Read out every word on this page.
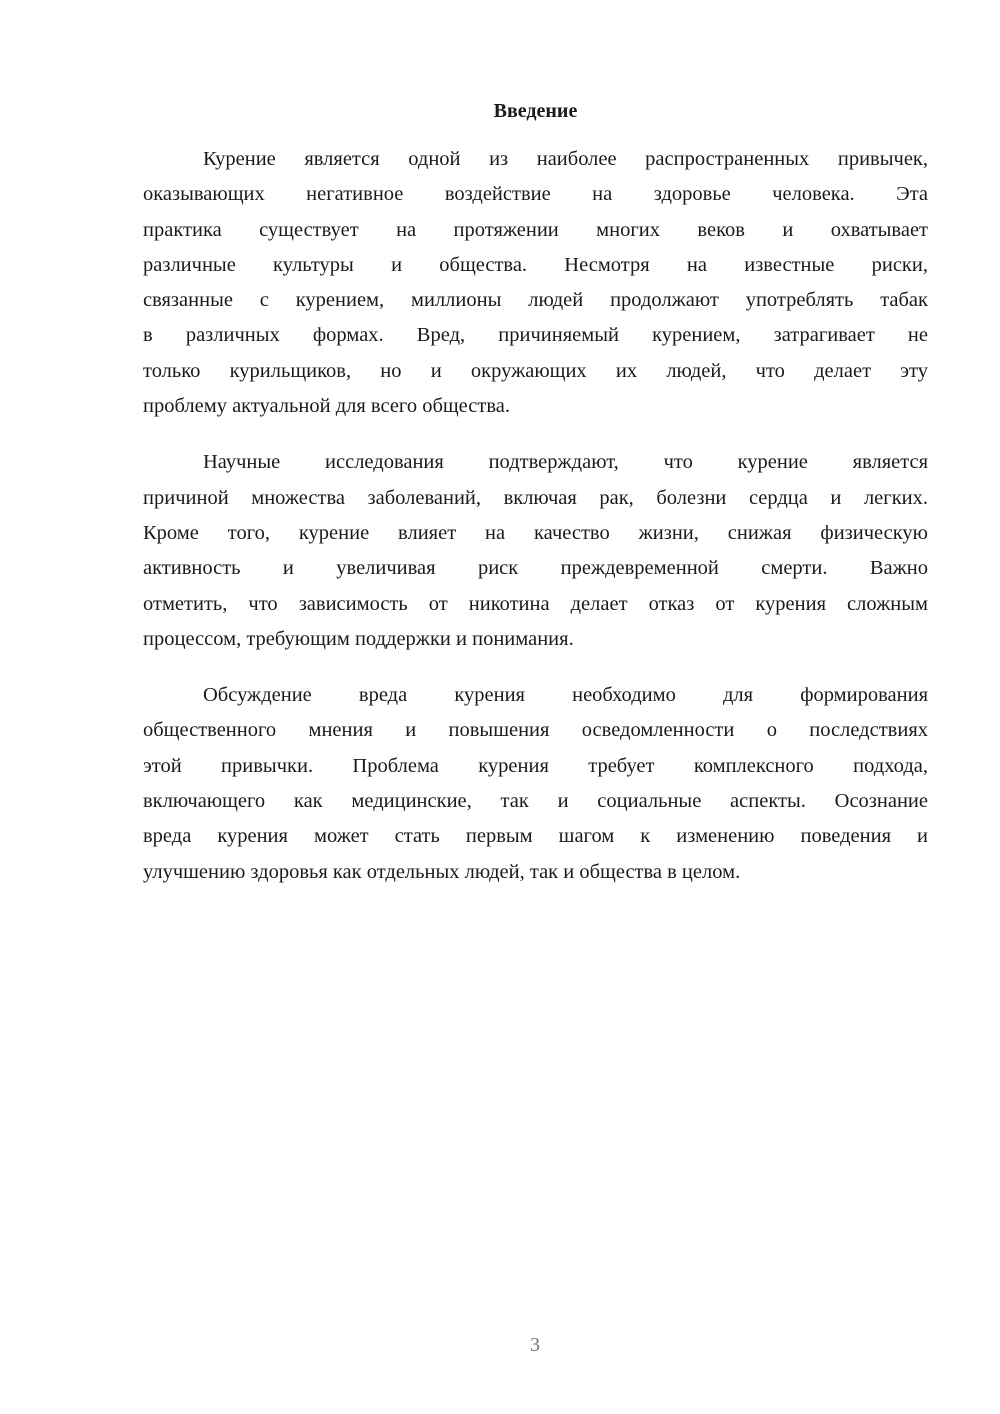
Введение
Курение является одной из наиболее распространенных привычек,
оказывающих негативное воздействие на здоровье человека. Эта
практика существует на протяжении многих веков и охватывает
различные культуры и общества. Несмотря на известные риски,
связанные с курением, миллионы людей продолжают употреблять табак
в различных формах. Вред, причиняемый курением, затрагивает не
только курильщиков, но и окружающих их людей, что делает эту
проблему актуальной для всего общества.
Научные исследования подтверждают, что курение является
причиной множества заболеваний, включая рак, болезни сердца и легких.
Кроме того, курение влияет на качество жизни, снижая физическую
активность и увеличивая риск преждевременной смерти. Важно
отметить, что зависимость от никотина делает отказ от курения сложным
процессом, требующим поддержки и понимания.
Обсуждение вреда курения необходимо для формирования
общественного мнения и повышения осведомленности о последствиях
этой привычки. Проблема курения требует комплексного подхода,
включающего как медицинские, так и социальные аспекты. Осознание
вреда курения может стать первым шагом к изменению поведения и
улучшению здоровья как отдельных людей, так и общества в целом.
3
